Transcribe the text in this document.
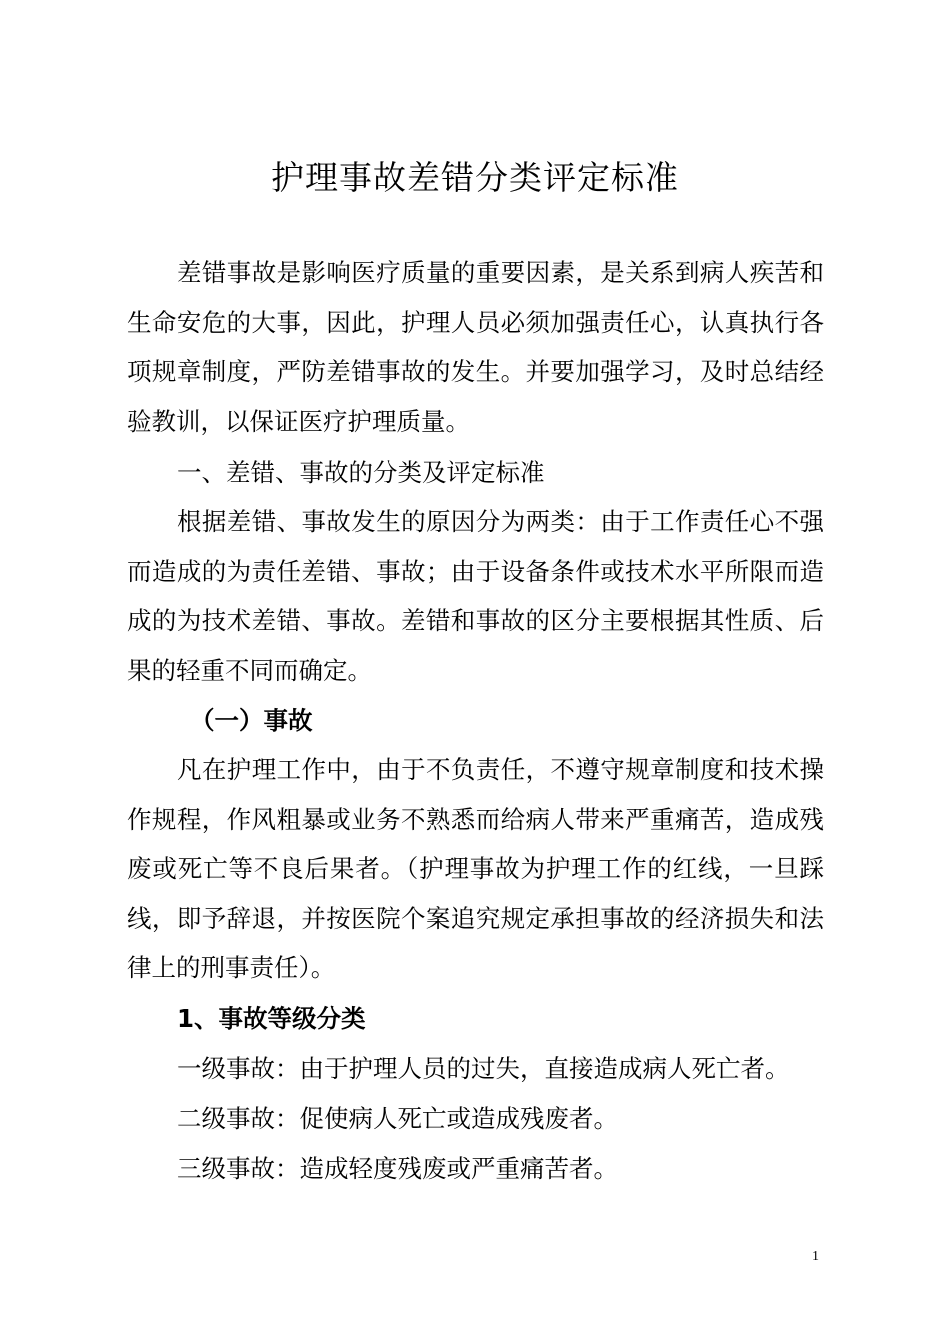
护理事故差错分类评定标准

差错事故是影响医疗质量的重要因素，是关系到病人疾苦和生命安危的大事，因此，护理人员必须加强责任心，认真执行各项规章制度，严防差错事故的发生。并要加强学习，及时总结经验教训，以保证医疗护理质量。

一、差错、事故的分类及评定标准

根据差错、事故发生的原因分为两类：由于工作责任心不强而造成的为责任差错、事故；由于设备条件或技术水平所限而造成的为技术差错、事故。差错和事故的区分主要根据其性质、后果的轻重不同而确定。

（一）事故

凡在护理工作中，由于不负责任，不遵守规章制度和技术操作规程，作风粗暴或业务不熟悉而给病人带来严重痛苦，造成残废或死亡等不良后果者。（护理事故为护理工作的红线，一旦踩线，即予辞退，并按医院个案追究规定承担事故的经济损失和法律上的刑事责任）。

1、事故等级分类
一级事故：由于护理人员的过失，直接造成病人死亡者。
二级事故：促使病人死亡或造成残废者。
三级事故：造成轻度残废或严重痛苦者。
1
